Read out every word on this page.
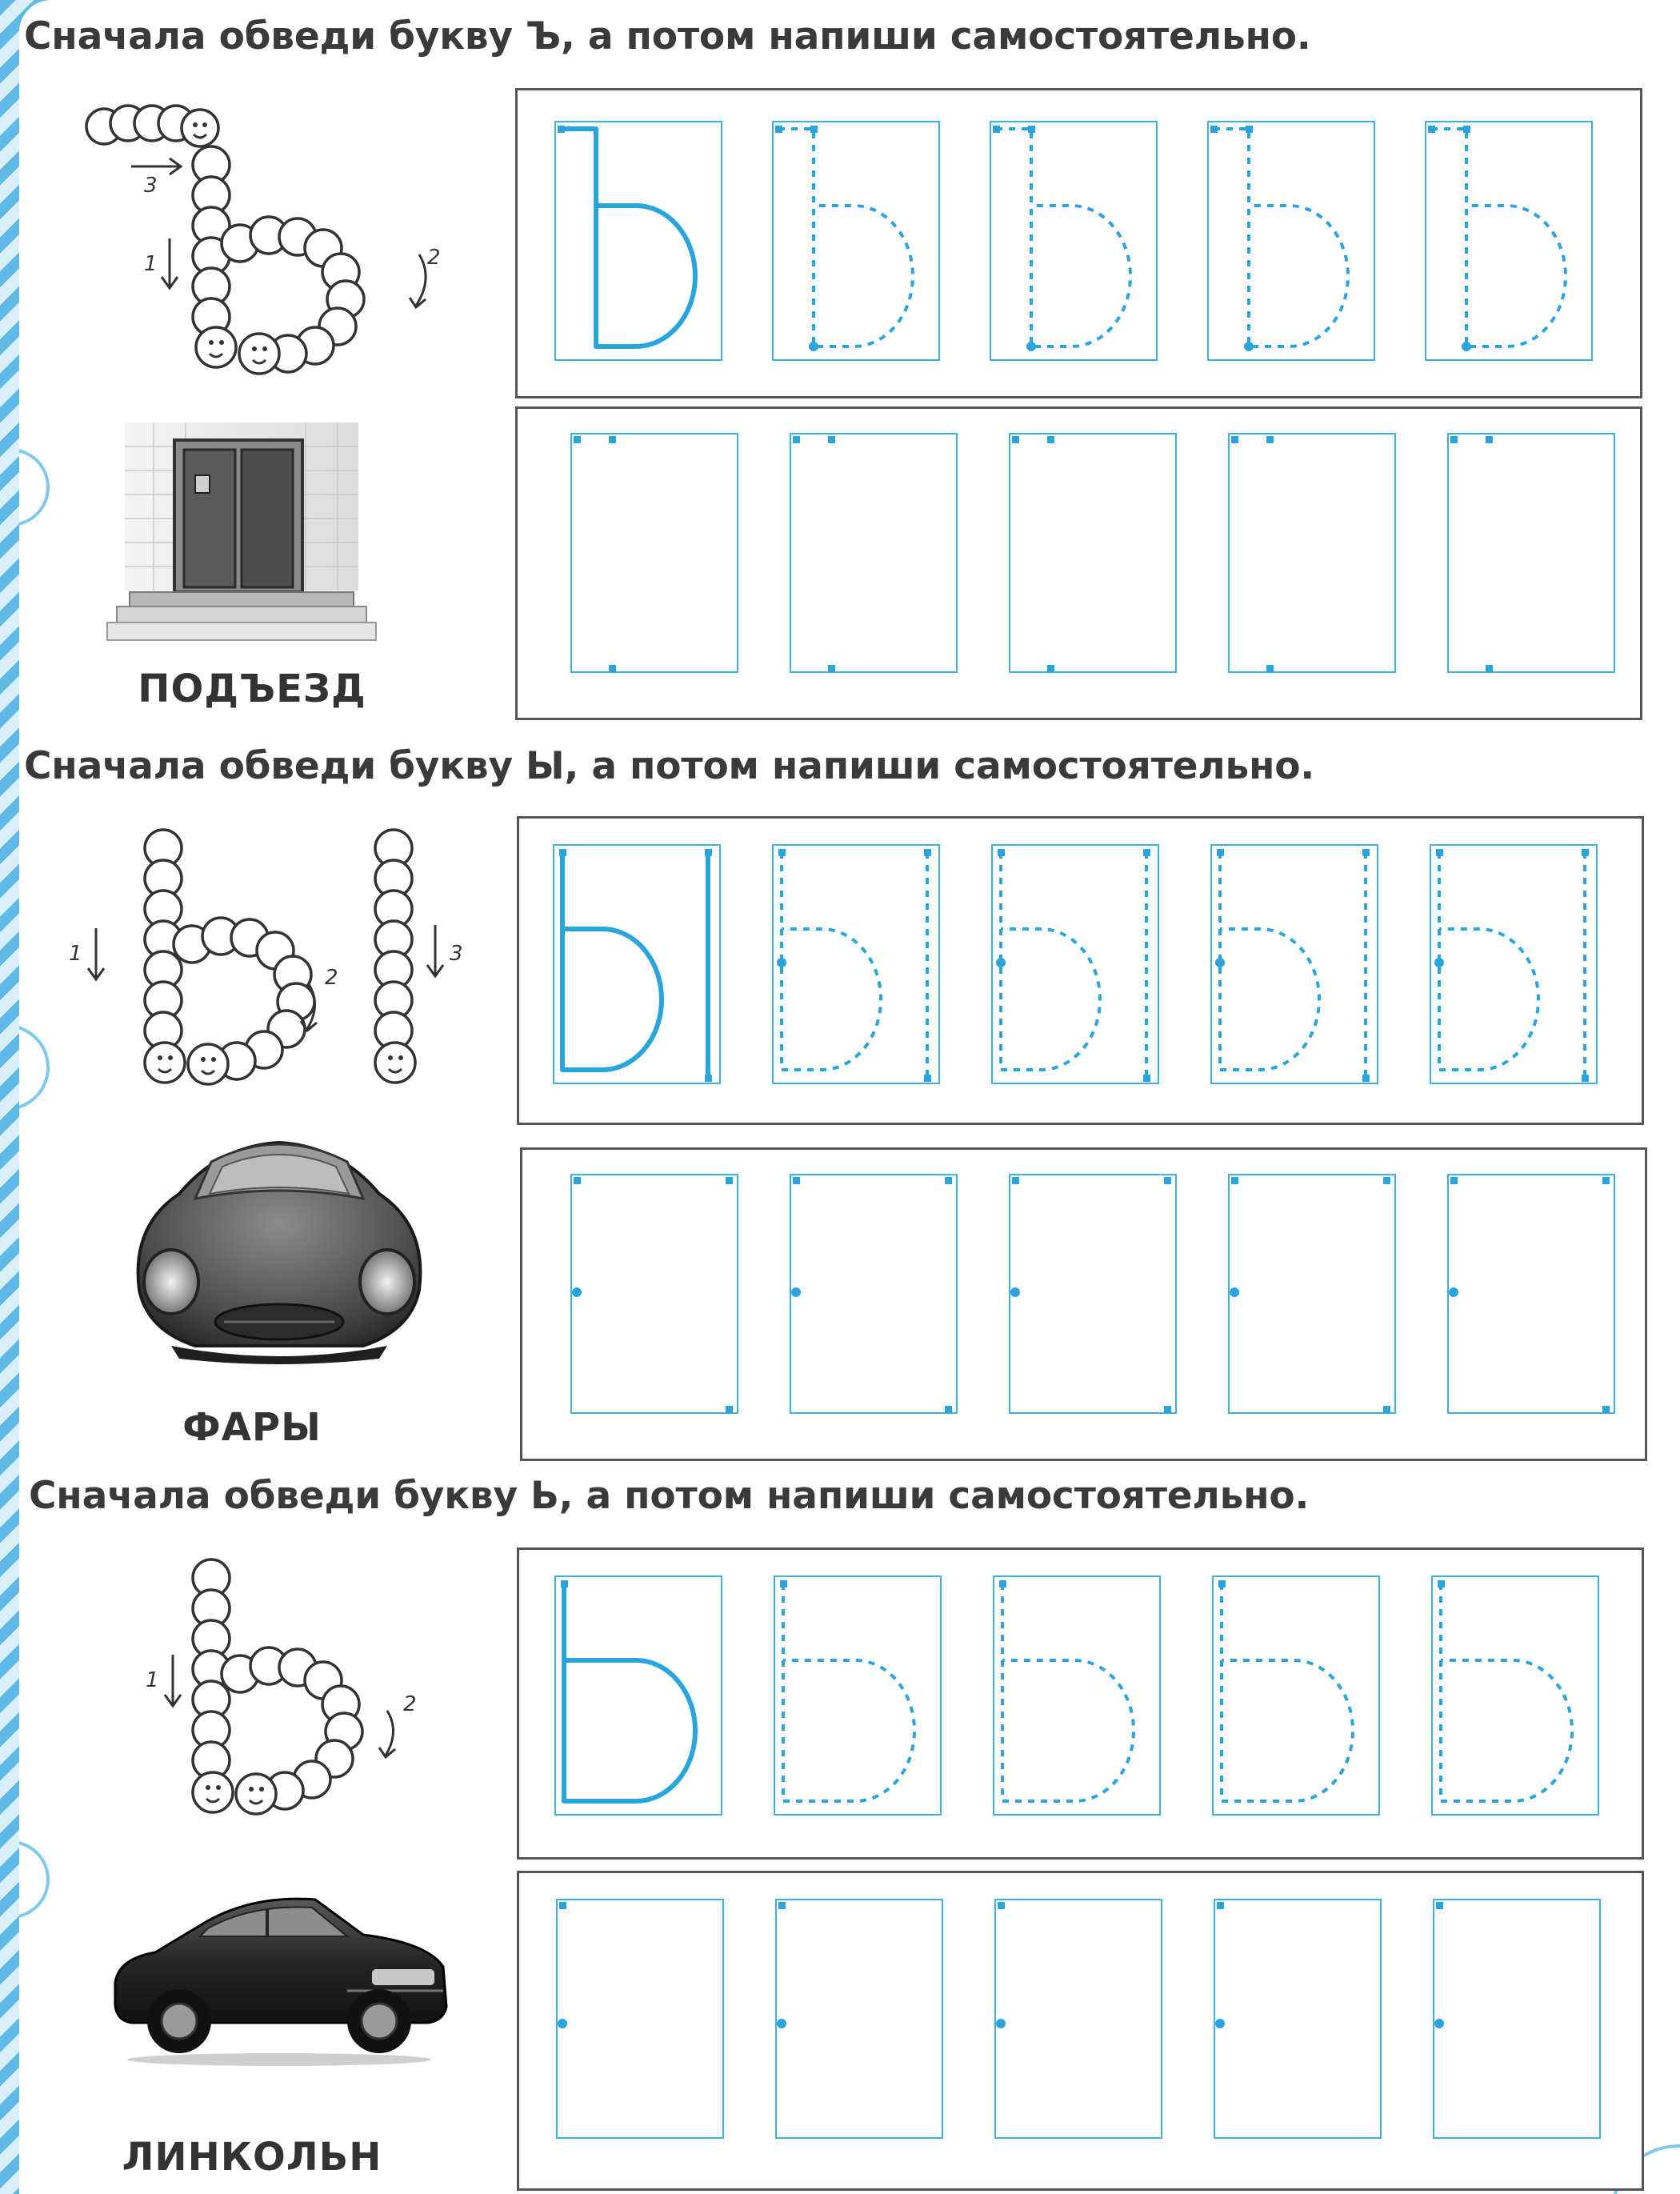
Сначала обведи букву Ъ, а потом напиши самостоятельно.
3
1	2
ПОДЪЕЗД
Сначала обведи букву Ы, а потом напиши самостоятельно.
1
2
3
ФАРЫ
Сначала обведи букву Ь, а потом напиши самостоятельно.
1
2
ЛИНКОЛЬН
